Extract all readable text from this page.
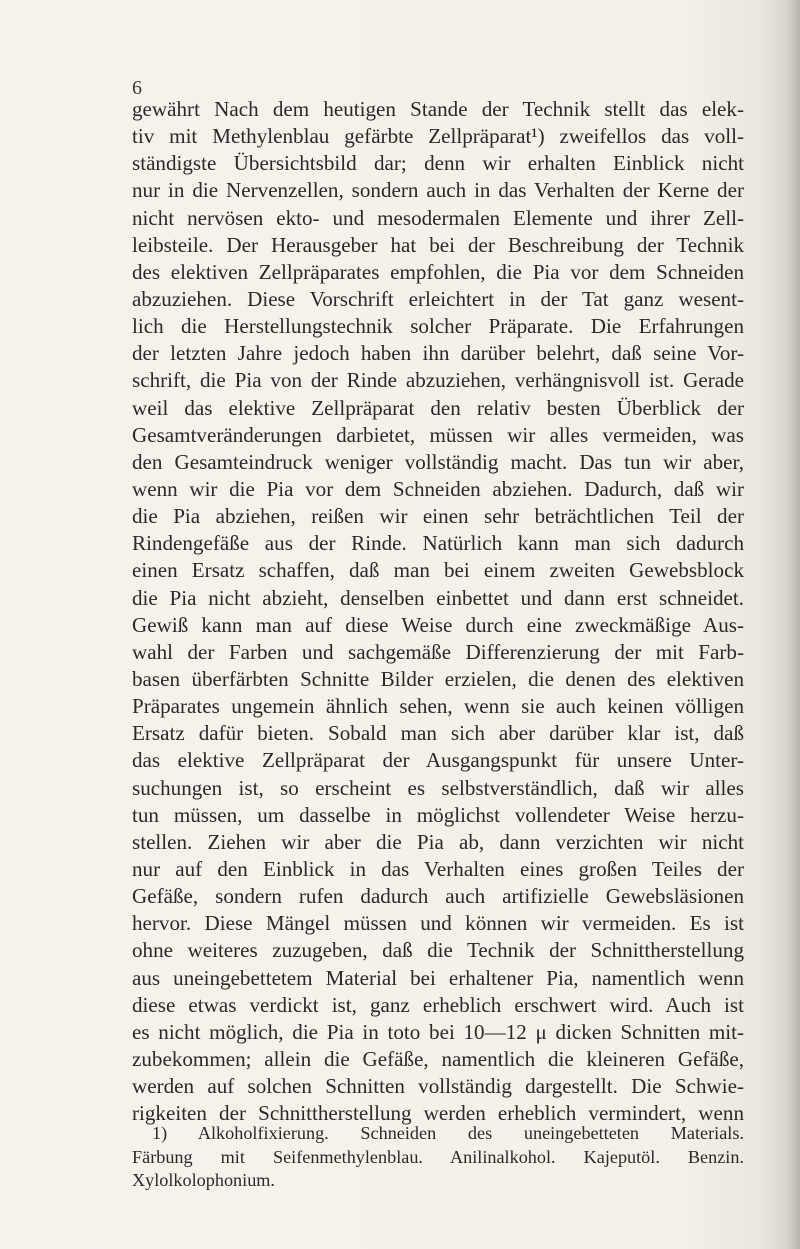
6
gewährt Nach dem heutigen Stande der Technik stellt das elek-
tiv mit Methylenblau gefärbte Zellpräparat¹) zweifellos das voll-
ständigste Übersichtsbild dar; denn wir erhalten Einblick nicht
nur in die Nervenzellen, sondern auch in das Verhalten der Kerne der
nicht nervösen ekto- und mesodermalen Elemente und ihrer Zell-
leibsteile. Der Herausgeber hat bei der Beschreibung der Technik
des elektiven Zellpräparates empfohlen, die Pia vor dem Schneiden
abzuziehen. Diese Vorschrift erleichtert in der Tat ganz wesent-
lich die Herstellungstechnik solcher Präparate. Die Erfahrungen
der letzten Jahre jedoch haben ihn darüber belehrt, daß seine Vor-
schrift, die Pia von der Rinde abzuziehen, verhängnisvoll ist. Gerade
weil das elektive Zellpräparat den relativ besten Überblick der
Gesamtveränderungen darbietet, müssen wir alles vermeiden, was
den Gesamteindruck weniger vollständig macht. Das tun wir aber,
wenn wir die Pia vor dem Schneiden abziehen. Dadurch, daß wir
die Pia abziehen, reißen wir einen sehr beträchtlichen Teil der
Rindengefäße aus der Rinde. Natürlich kann man sich dadurch
einen Ersatz schaffen, daß man bei einem zweiten Gewebsblock
die Pia nicht abzieht, denselben einbettet und dann erst schneidet.
Gewiß kann man auf diese Weise durch eine zweckmäßige Aus-
wahl der Farben und sachgemäße Differenzierung der mit Farb-
basen überfärbten Schnitte Bilder erzielen, die denen des elektiven
Präparates ungemein ähnlich sehen, wenn sie auch keinen völligen
Ersatz dafür bieten. Sobald man sich aber darüber klar ist, daß
das elektive Zellpräparat der Ausgangspunkt für unsere Unter-
suchungen ist, so erscheint es selbstverständlich, daß wir alles
tun müssen, um dasselbe in möglichst vollendeter Weise herzu-
stellen. Ziehen wir aber die Pia ab, dann verzichten wir nicht
nur auf den Einblick in das Verhalten eines großen Teiles der
Gefäße, sondern rufen dadurch auch artifizielle Gewebsläsionen
hervor. Diese Mängel müssen und können wir vermeiden. Es ist
ohne weiteres zuzugeben, daß die Technik der Schnittherstellung
aus uneingebettetem Material bei erhaltener Pia, namentlich wenn
diese etwas verdickt ist, ganz erheblich erschwert wird. Auch ist
es nicht möglich, die Pia in toto bei 10—12 μ dicken Schnitten mit-
zubekommen; allein die Gefäße, namentlich die kleineren Gefäße,
werden auf solchen Schnitten vollständig dargestellt. Die Schwie-
rigkeiten der Schnittherstellung werden erheblich vermindert, wenn
1) Alkoholfixierung. Schneiden des uneingebetteten Materials.
Färbung mit Seifenmethylenblau. Anilinalkohol. Kajeputöl. Benzin.
Xylolkolophonium.
